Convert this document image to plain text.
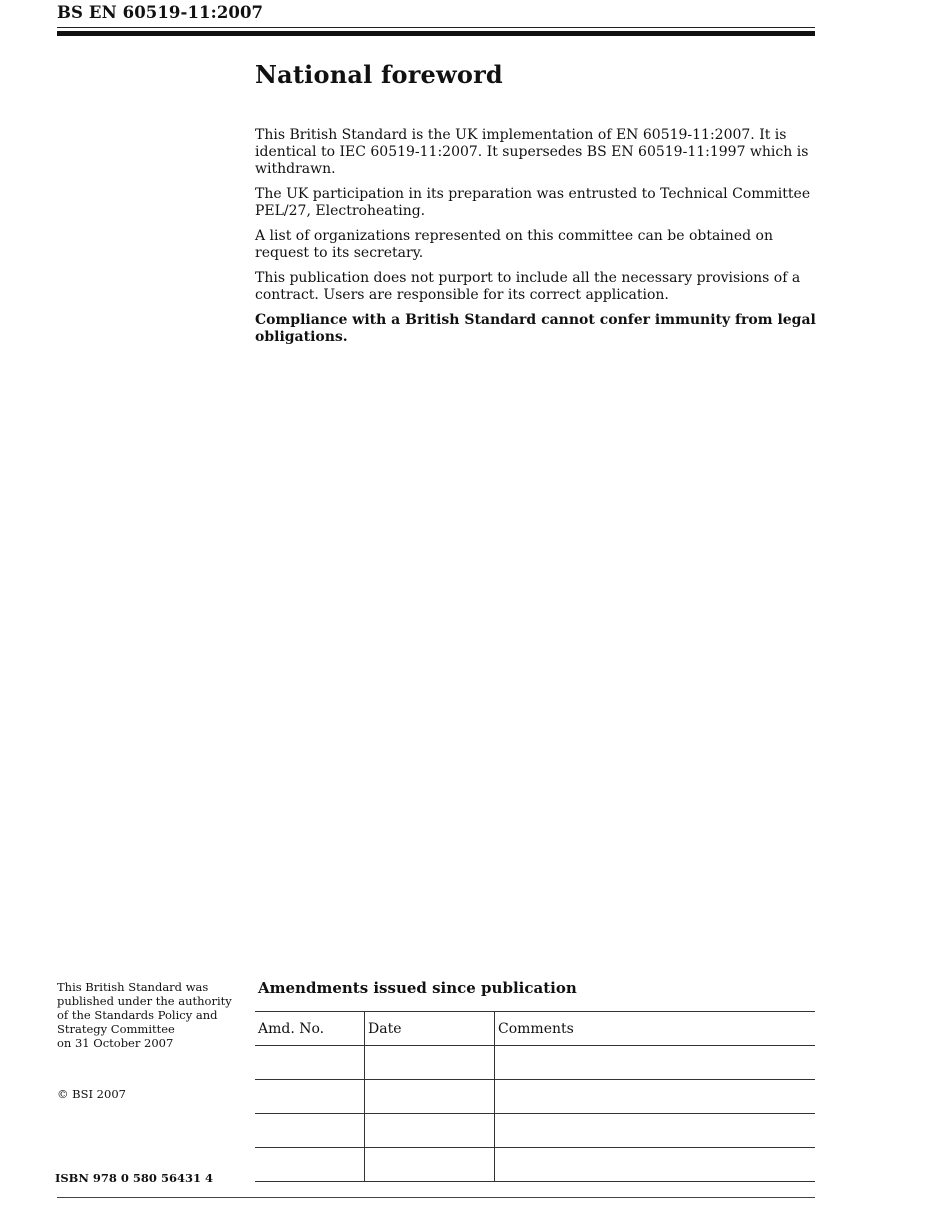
BS EN 60519-11:2007
National foreword

This British Standard is the UK implementation of EN 60519-11:2007. It is identical to IEC 60519-11:2007. It supersedes BS EN 60519-11:1997 which is withdrawn.

The UK participation in its preparation was entrusted to Technical Committee PEL/27, Electroheating.

A list of organizations represented on this committee can be obtained on request to its secretary.

This publication does not purport to include all the necessary provisions of a contract. Users are responsible for its correct application.

Compliance with a British Standard cannot confer immunity from legal obligations.

This British Standard was
published under the authority
of the Standards Policy and
Strategy Committee
on 31 October 2007
© BSI 2007
ISBN 978 0 580 56431 4
Amendments issued since publication
Amd. No.	Date	Comments
